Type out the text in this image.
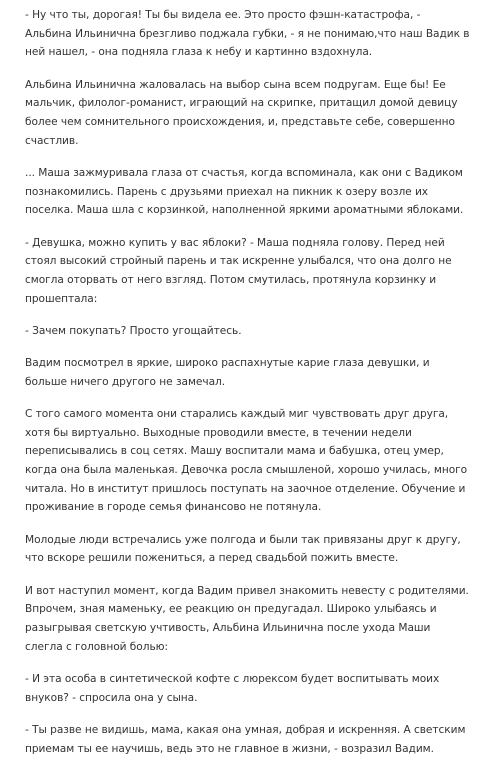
- Ну что ты, дорогая! Ты бы видела ее. Это просто фэшн-катастрофа, - Альбина Ильинична брезгливо поджала губки, - я не понимаю,что наш Вадик в ней нашел, - она подняла глаза к небу и картинно вздохнула.

Альбина Ильинична жаловалась на выбор сына всем подругам. Еще бы! Ее мальчик, филолог-романист, играющий на скрипке, притащил домой девицу более чем сомнительного происхождения, и, представьте себе, совершенно счастлив.

... Маша зажмуривала глаза от счастья, когда вспоминала, как они с Вадиком познакомились. Парень с друзьями приехал на пикник к озеру возле их поселка. Маша шла с корзинкой, наполненной яркими ароматными яблоками.

- Девушка, можно купить у вас яблоки? - Маша подняла голову. Перед ней стоял высокий стройный парень и так искренне улыбался, что она долго не смогла оторвать от него взгляд. Потом смутилась, протянула корзинку и прошептала:

- Зачем покупать? Просто угощайтесь.

Вадим посмотрел в яркие, широко распахнутые карие глаза девушки, и больше ничего другого не замечал.

С того самого момента они старались каждый миг чувствовать друг друга, хотя бы виртуально. Выходные проводили вместе, в течении недели переписывались в соц сетях. Машу воспитали мама и бабушка, отец умер, когда она была маленькая. Девочка росла смышленой, хорошо училась, много читала. Но в институт пришлось поступать на заочное отделение. Обучение и проживание в городе семья финансово не потянула.

Молодые люди встречались уже полгода и были так привязаны друг к другу, что вскоре решили пожениться, а перед свадьбой пожить вместе.

И вот наступил момент, когда Вадим привел знакомить невесту с родителями. Впрочем, зная маменьку, ее реакцию он предугадал. Широко улыбаясь и разыгрывая светскую учтивость, Альбина Ильинична после ухода Маши слегла с головной болью:

- И эта особа в синтетической кофте с люрексом будет воспитывать моих внуков? - спросила она у сына.

- Ты разве не видишь, мама, какая она умная, добрая и искренняя. А светским приемам ты ее научишь, ведь это не главное в жизни, - возразил Вадим.
